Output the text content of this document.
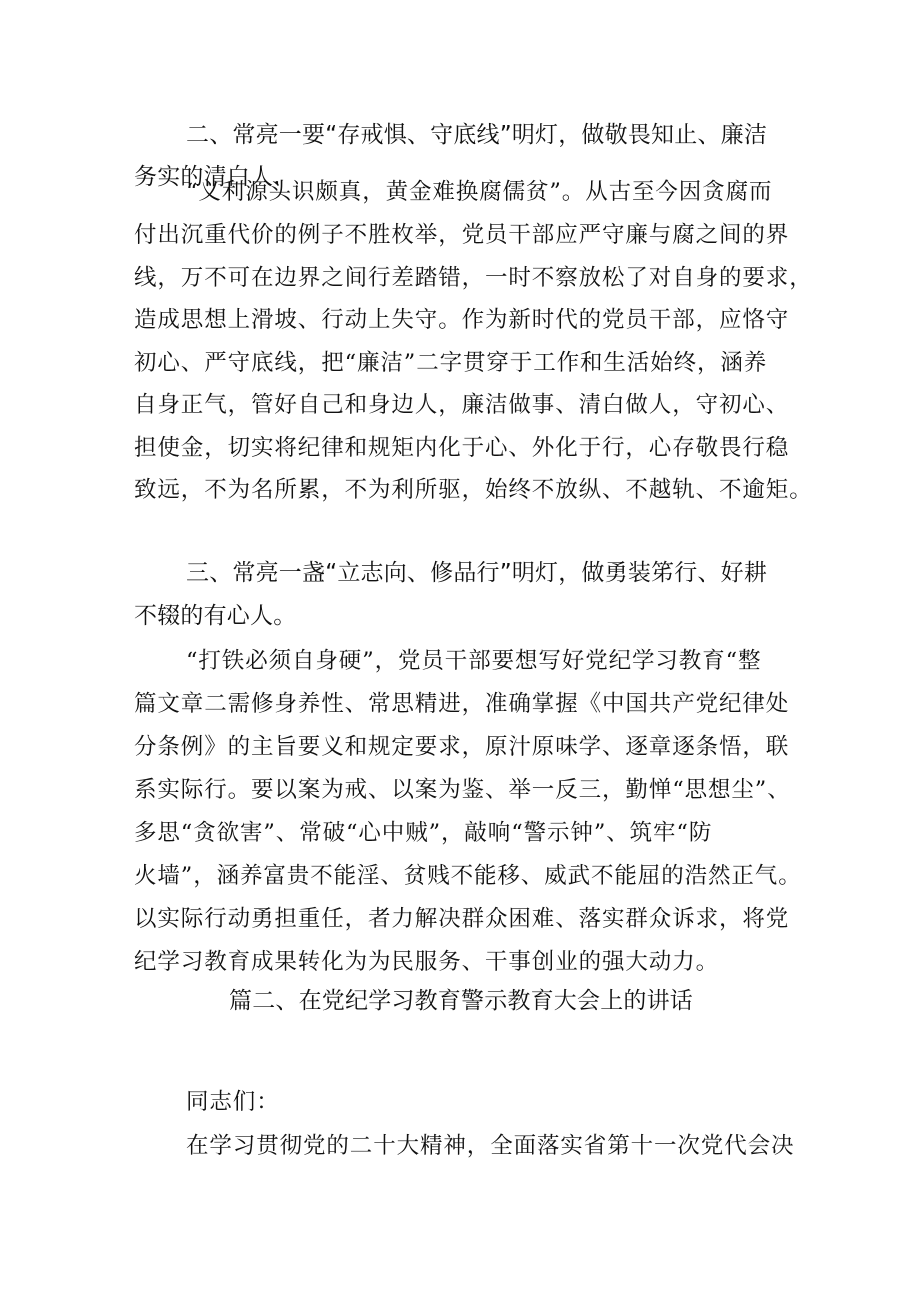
二、常亮一要“存戒惧、守底线”明灯，做敬畏知止、廉洁
务实的清白人.
“义利源头识颇真，黄金难换腐儒贫”。从古至今因贪腐而
付出沉重代价的例子不胜枚举，党员干部应严守廉与腐之间的界
线，万不可在边界之间行差踏错，一时不察放松了对自身的要求，
造成思想上滑坡、行动上失守。作为新时代的党员干部，应恪守
初心、严守底线，把“廉洁”二字贯穿于工作和生活始终，涵养
自身正气，管好自己和身边人，廉洁做事、清白做人，守初心、
担使金，切实将纪律和规矩内化于心、外化于行，心存敬畏行稳
致远，不为名所累，不为利所驱，始终不放纵、不越轨、不逾矩。
三、常亮一盏“立志向、修品行”明灯，做勇装笫行、好耕
不辍的有心人。
“打铁必须自身硬”，党员干部要想写好党纪学习教育“整
篇文章二需修身养性、常思精进，准确掌握《中国共产党纪律处
分条例》的主旨要义和规定要求，原汁原味学、逐章逐条悟，联
系实际行。要以案为戒、以案为鉴、举一反三，勤惮“思想尘”、
多思“贪欲害”、常破“心中贼”，敲响“警示钟”、筑牢“防
火墙”，涵养富贵不能淫、贫贱不能移、威武不能屈的浩然正气。
以实际行动勇担重任，者力解决群众困难、落实群众诉求，将党
纪学习教育成果转化为为民服务、干事创业的强大动力。
篇二、在党纪学习教育警示教育大会上的讲话
同志们：
在学习贯彻党的二十大精神，全面落实省第十一次党代会决
